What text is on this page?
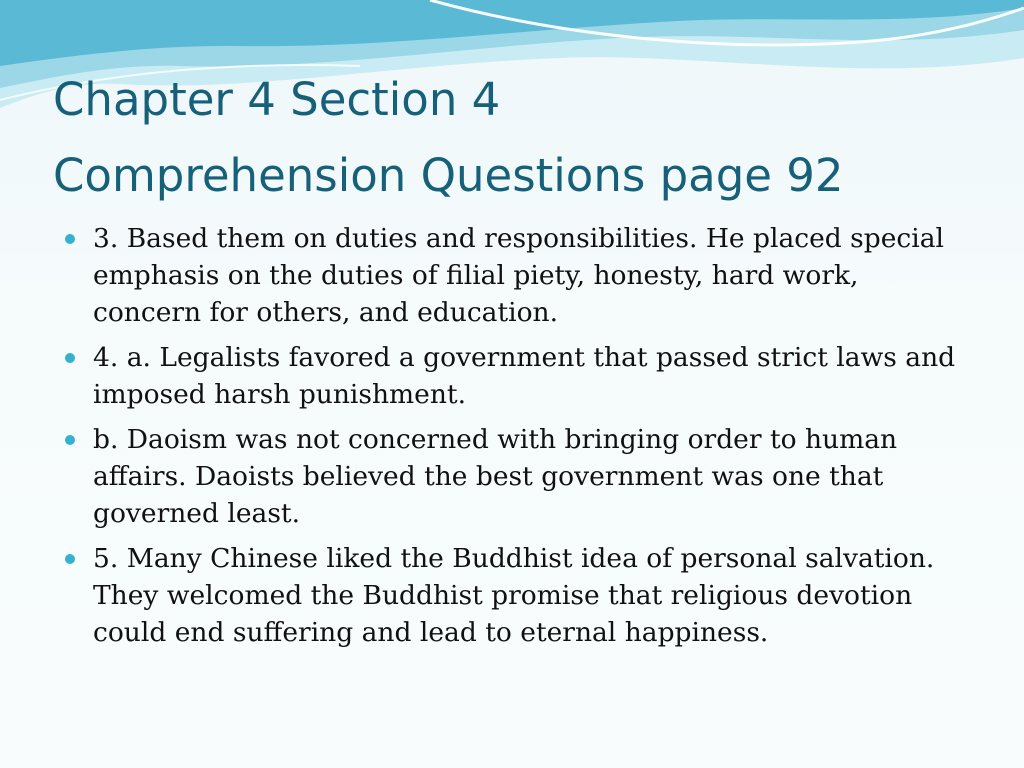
Chapter 4 Section 4
Comprehension Questions page 92
3. Based them on duties and responsibilities. He placed special emphasis on the duties of filial piety, honesty, hard work, concern for others, and education.
4. a. Legalists favored a government that passed strict laws and imposed harsh punishment.
b. Daoism was not concerned with bringing order to human affairs. Daoists believed the best government was one that governed least.
5. Many Chinese liked the Buddhist idea of personal salvation. They welcomed the Buddhist promise that religious devotion could end suffering and lead to eternal happiness.
